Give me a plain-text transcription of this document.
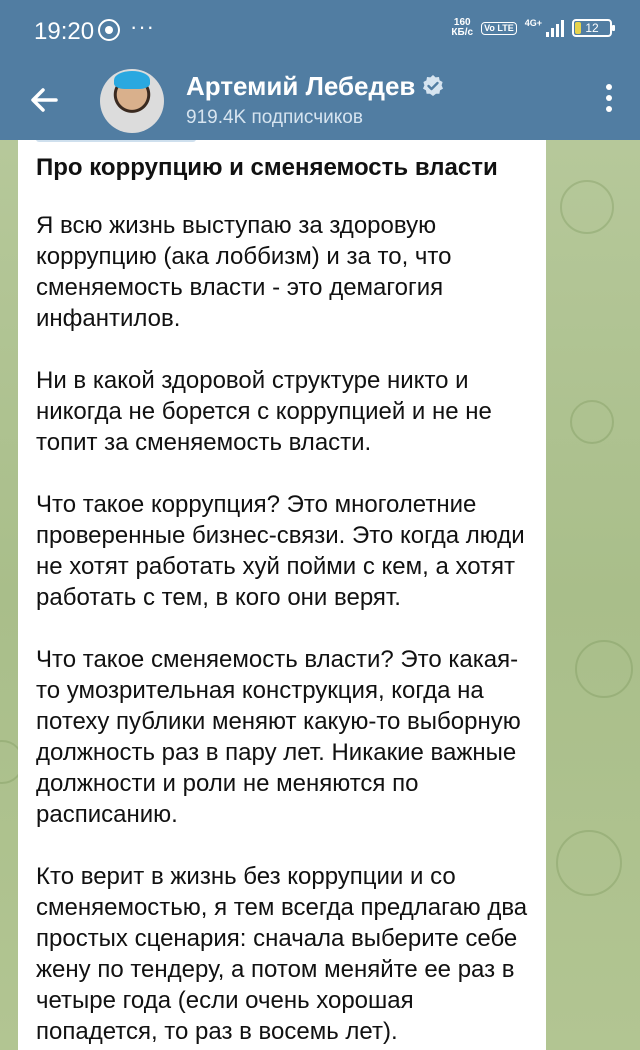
19:20 ···	160
КБ/с	Vo LTE	4G+	12
Артемий Лебедев
919.4K подписчиков
Про коррупцию и сменяемость власти

Я всю жизнь выступаю за здоровую коррупцию (ака лоббизм) и за то, что сменяемость власти - это демагогия инфантилов.

Ни в какой здоровой структуре никто и никогда не борется с коррупцией и не не топит за сменяемость власти.

Что такое коррупция? Это многолетние проверенные бизнес-связи. Это когда люди не хотят работать хуй пойми с кем, а хотят работать с тем, в кого они верят.

Что такое сменяемость власти? Это какая-то умозрительная конструкция, когда на потеху публики меняют какую-то выборную должность раз в пару лет. Никакие важные должности и роли не меняются по расписанию.

Кто верит в жизнь без коррупции и со сменяемостью, я тем всегда предлагаю два простых сценария: сначала выберите себе жену по тендеру, а потом меняйте ее раз в четыре года (если очень хорошая попадется, то раз в восемь лет).
